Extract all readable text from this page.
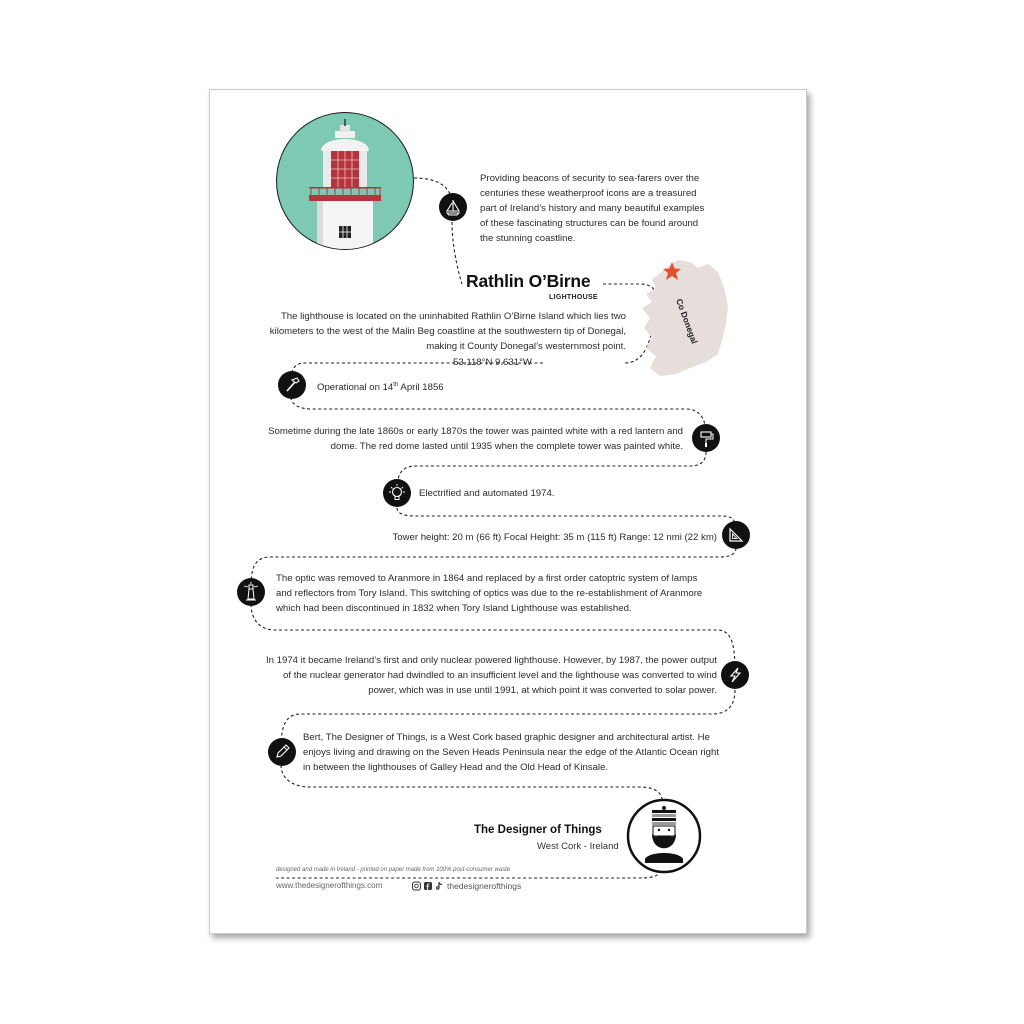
Providing beacons of security to sea-farers over the centuries these weatherproof icons are a treasured part of Ireland’s history and many beautiful examples of these fascinating structures can be found around the stunning coastline.

Rathlin O’Birne
LIGHTHOUSE	Co Donegal

The lighthouse is located on the uninhabited Rathlin O’Birne Island which lies two kilometers to the west of the Malin Beg coastline at the southwestern tip of Donegal, making it County Donegal’s westernmost point.

53.118°N 9.631°W

Operational on 14th April 1856

Sometime during the late 1860s or early 1870s the tower was painted white with a red lantern and dome. The red dome lasted until 1935 when the complete tower was painted white.

Electrified and automated 1974.

Tower height: 20 m (66 ft) Focal Height: 35 m (115 ft) Range: 12 nmi (22 km)

The optic was removed to Aranmore in 1864 and replaced by a first order catoptric system of lamps and reflectors from Tory Island. This switching of optics was due to the re-establishment of Aranmore which had been discontinued in 1832 when Tory Island Lighthouse was established.

In 1974 it became Ireland’s first and only nuclear powered lighthouse. However, by 1987, the power output of the nuclear generator had dwindled to an insufficient level and the lighthouse was converted to wind power, which was in use until 1991, at which point it was converted to solar power.

Bert, The Designer of Things, is a West Cork based graphic designer and architectural artist. He enjoys living and drawing on the Seven Heads Peninsula near the edge of the Atlantic Ocean right in between the lighthouses of Galley Head and the Old Head of Kinsale.

The Designer of Things
West Cork - Ireland
designed and made in Ireland - printed on paper made from 100% post-consumer waste
www.thedesignerofthings.com	thedesignerofthings
